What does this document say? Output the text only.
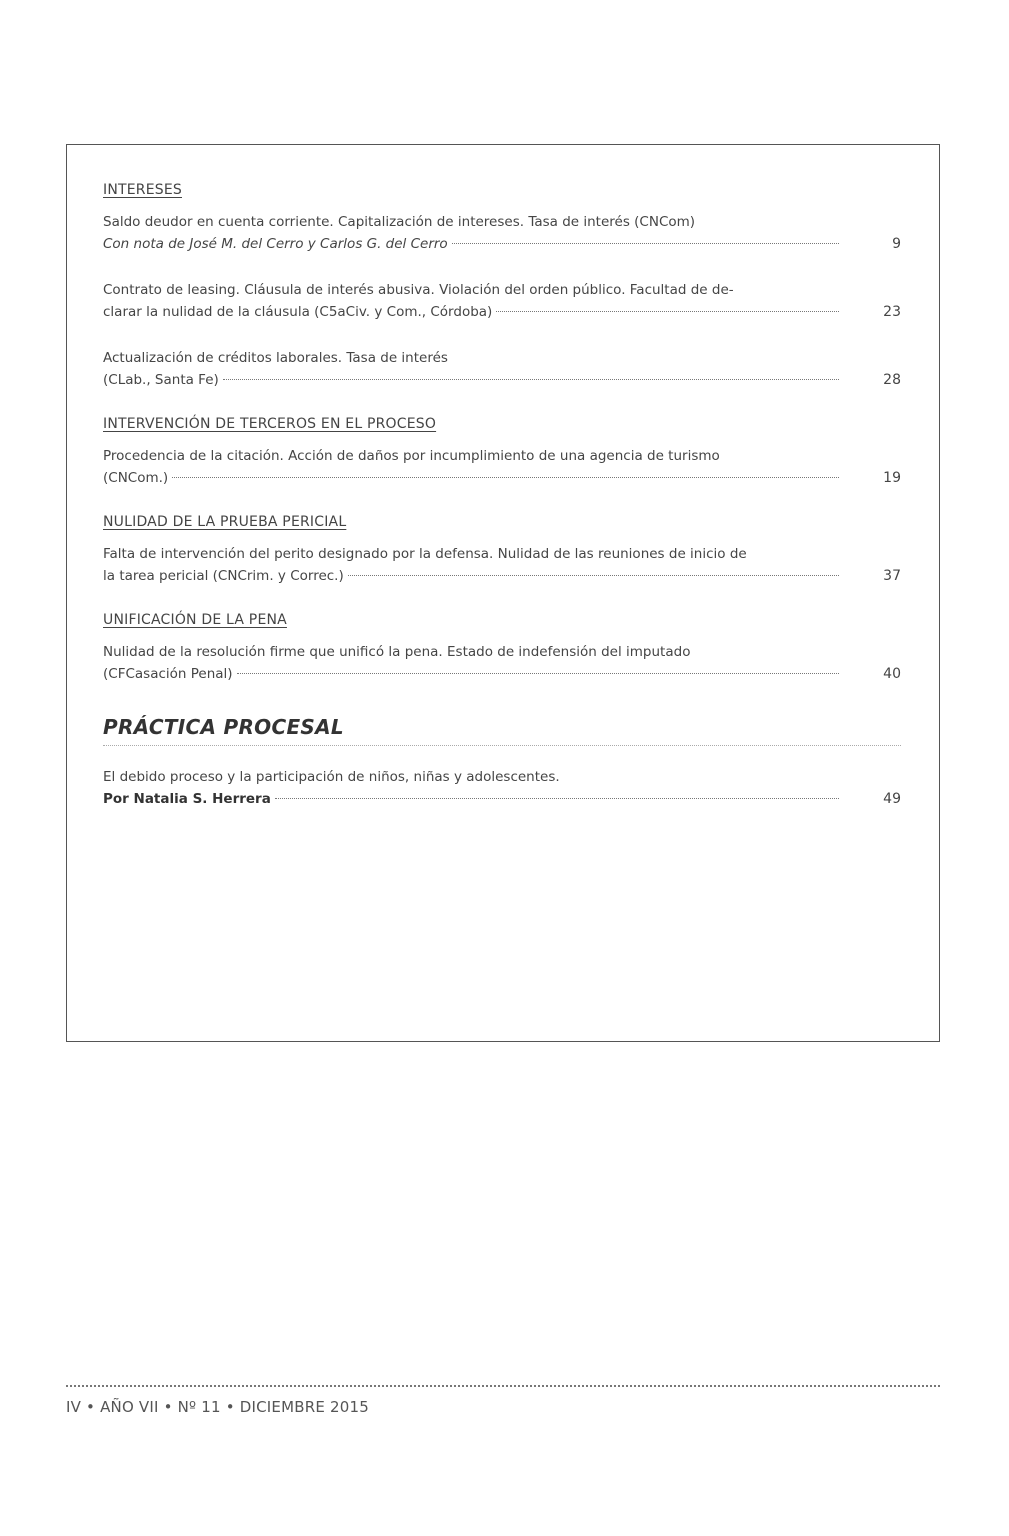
INTERESES
Saldo deudor en cuenta corriente. Capitalización de intereses. Tasa de interés (CNCom)
Con nota de José M. del Cerro y Carlos G. del Cerro	9
Contrato de leasing. Cláusula de interés abusiva. Violación del orden público. Facultad de de-
clarar la nulidad de la cláusula (C5aCiv. y Com., Córdoba)	23
Actualización de créditos laborales. Tasa de interés
(CLab., Santa Fe)	28
INTERVENCIÓN DE TERCEROS EN EL PROCESO
Procedencia de la citación. Acción de daños por incumplimiento de una agencia de turismo
(CNCom.)	19
NULIDAD DE LA PRUEBA PERICIAL
Falta de intervención del perito designado por la defensa. Nulidad de las reuniones de inicio de
la tarea pericial (CNCrim. y Correc.)	37
UNIFICACIÓN DE LA PENA
Nulidad de la resolución firme que unificó la pena. Estado de indefensión del imputado
(CFCasación Penal)	40
PRÁCTICA PROCESAL
El debido proceso y la participación de niños, niñas y adolescentes.
Por Natalia S. Herrera	49
IV • AÑO VII • Nº 11 • DICIEMBRE 2015
